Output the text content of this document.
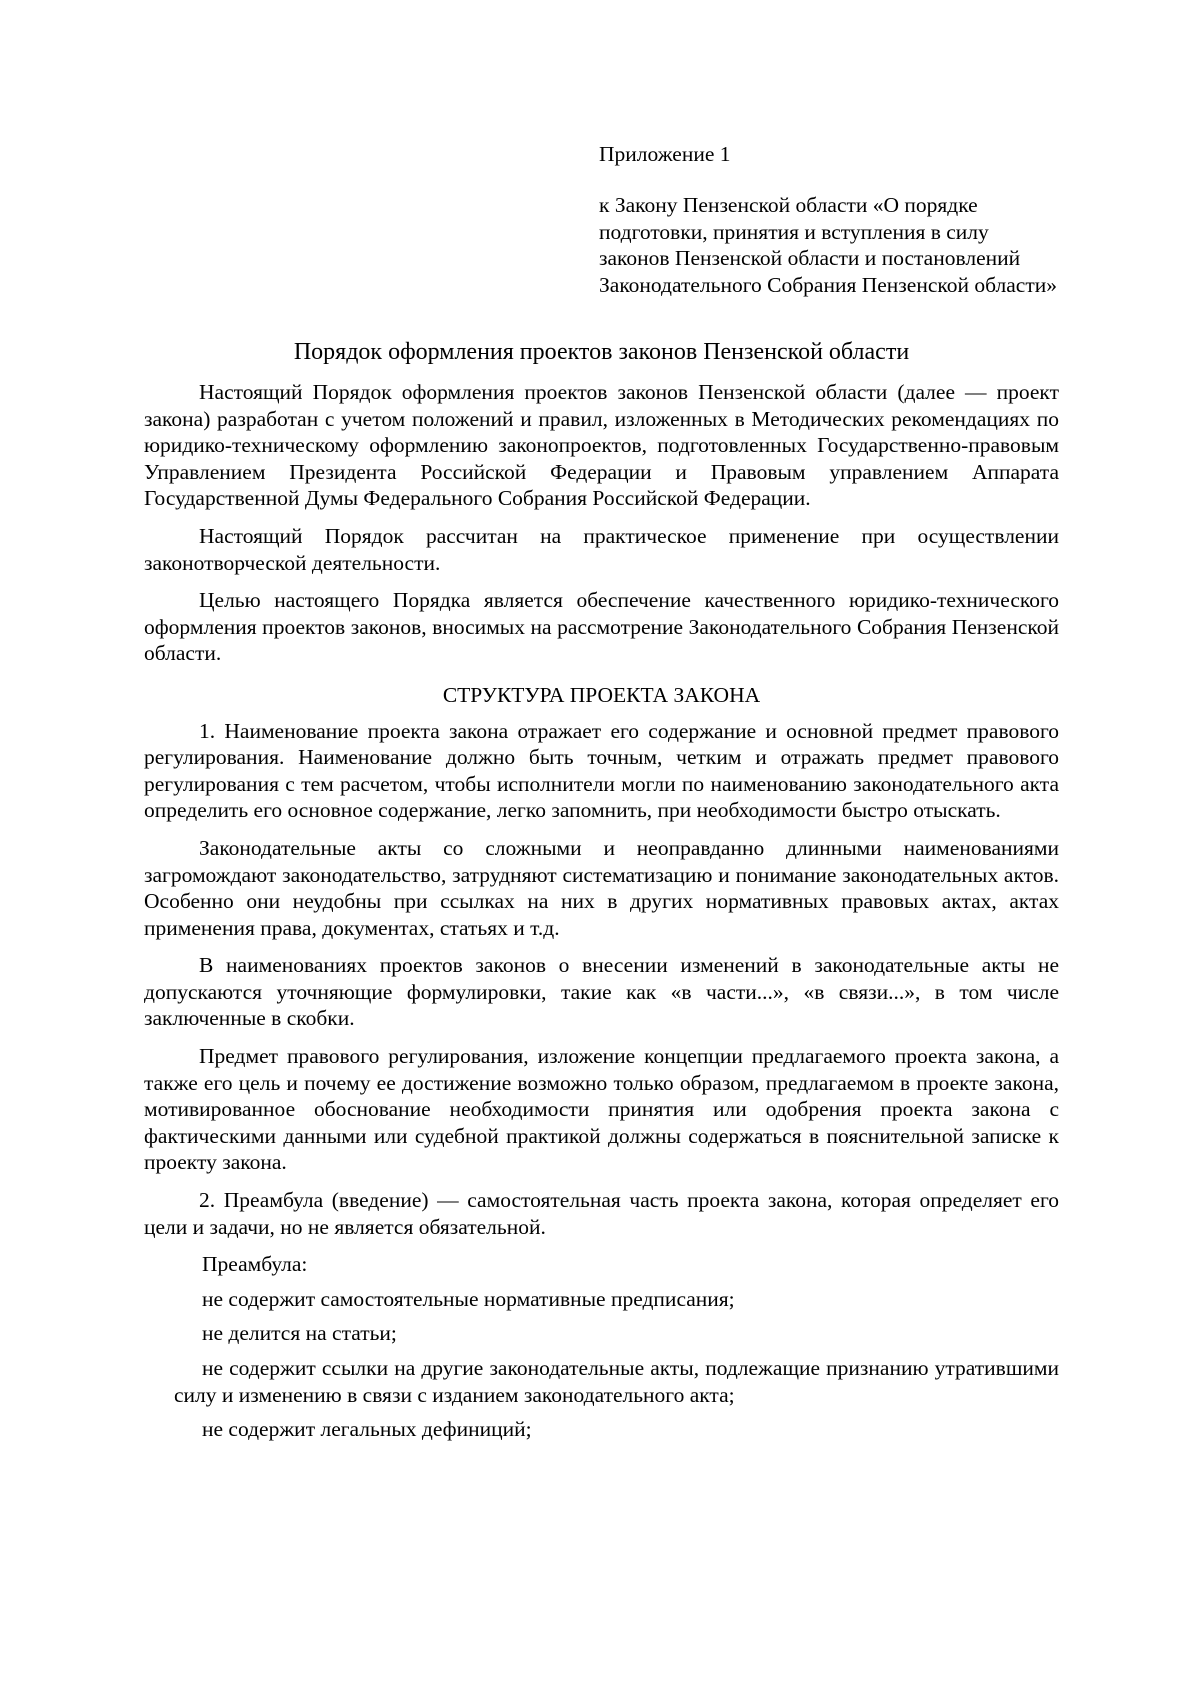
Приложение 1
к Закону Пензенской области «О порядке подготовки, принятия и вступления в силу законов Пензенской области и постановлений Законодательного Собрания Пензенской области»
Порядок оформления проектов законов Пензенской области

Настоящий Порядок оформления проектов законов Пензенской области (далее — проект закона) разработан с учетом положений и правил, изложенных в Методических рекомендациях по юридико-техническому оформлению законопроектов, подготовленных Государственно-правовым Управлением Президента Российской Федерации и Правовым управлением Аппарата Государственной Думы Федерального Собрания Российской Федерации.

Настоящий Порядок рассчитан на практическое применение при осуществлении законотворческой деятельности.

Целью настоящего Порядка является обеспечение качественного юридико-технического оформления проектов законов, вносимых на рассмотрение Законодательного Собрания Пензенской области.

СТРУКТУРА ПРОЕКТА ЗАКОНА

1. Наименование проекта закона отражает его содержание и основной предмет правового регулирования. Наименование должно быть точным, четким и отражать предмет правового регулирования с тем расчетом, чтобы исполнители могли по наименованию законодательного акта определить его основное содержание, легко запомнить, при необходимости быстро отыскать.

Законодательные акты со сложными и неоправданно длинными наименованиями загромождают законодательство, затрудняют систематизацию и понимание законодательных актов. Особенно они неудобны при ссылках на них в других нормативных правовых актах, актах применения права, документах, статьях и т.д.

В наименованиях проектов законов о внесении изменений в законодательные акты не допускаются уточняющие формулировки, такие как «в части...», «в связи...», в том числе заключенные в скобки.

Предмет правового регулирования, изложение концепции предлагаемого проекта закона, а также его цель и почему ее достижение возможно только образом, предлагаемом в проекте закона, мотивированное обоснование необходимости принятия или одобрения проекта закона с фактическими данными или судебной практикой должны содержаться в пояснительной записке к проекту закона.

2. Преамбула (введение) — самостоятельная часть проекта закона, которая определяет его цели и задачи, но не является обязательной.

Преамбула:

не содержит самостоятельные нормативные предписания;

не делится на статьи;

не содержит ссылки на другие законодательные акты, подлежащие признанию утратившими силу и изменению в связи с изданием законодательного акта;

не содержит легальных дефиниций;
